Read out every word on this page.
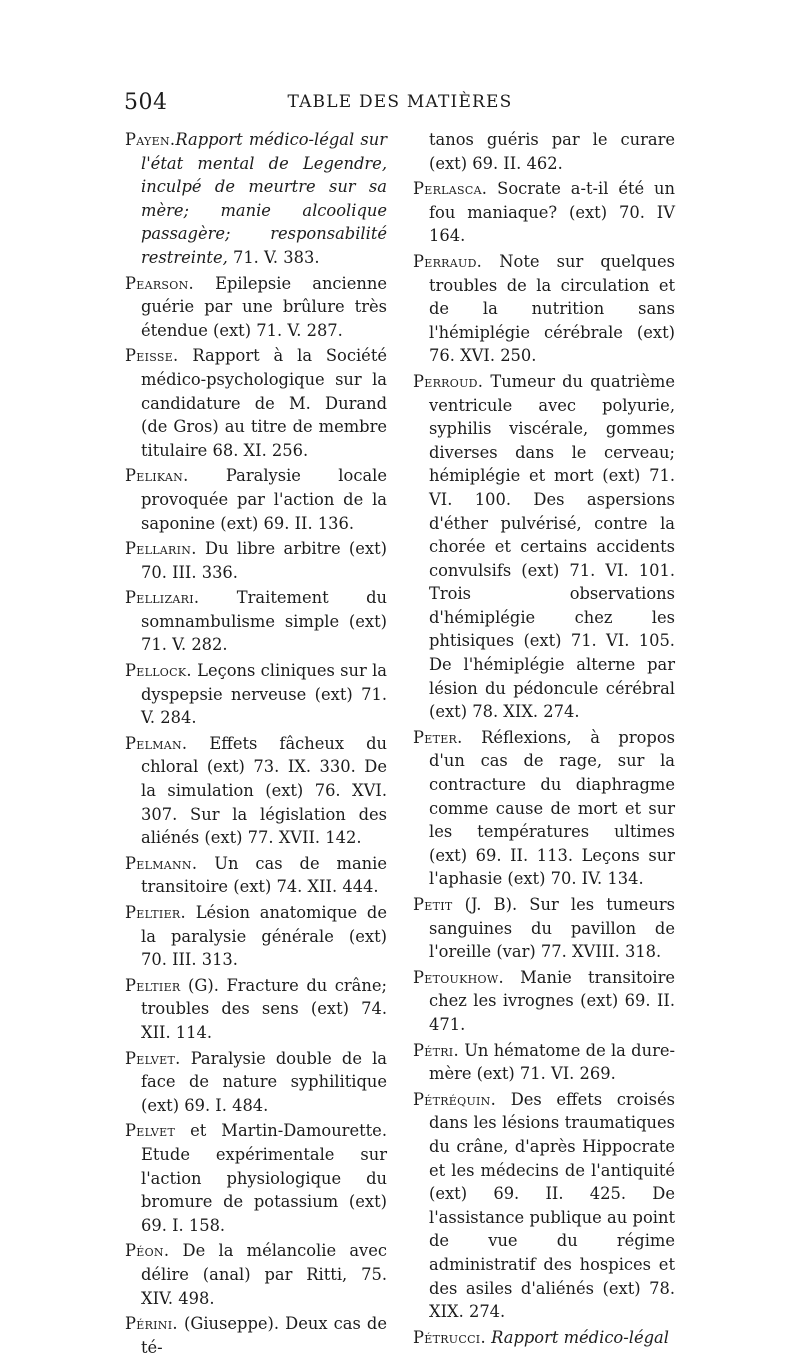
504	TABLE DES MATIÈRES

Payen.Rapport médico-légal sur l'état mental de Legendre, inculpé de meurtre sur sa mère; manie alcoolique passagère; responsabilité restreinte, 71. V. 383.

Pearson. Epilepsie ancienne guérie par une brûlure très étendue (ext) 71. V. 287.

Peisse. Rapport à la Société médico-psychologique sur la candidature de M. Durand (de Gros) au titre de membre titulaire 68. XI. 256.

Pelikan. Paralysie locale provoquée par l'action de la saponine (ext) 69. II. 136.

Pellarin. Du libre arbitre (ext) 70. III. 336.

Pellizari. Traitement du somnambulisme simple (ext) 71. V. 282.

Pellock. Leçons cliniques sur la dyspepsie nerveuse (ext) 71. V. 284.

Pelman. Effets fâcheux du chloral (ext) 73. IX. 330. De la simulation (ext) 76. XVI. 307. Sur la législation des aliénés (ext) 77. XVII. 142.

Pelmann. Un cas de manie transitoire (ext) 74. XII. 444.

Peltier. Lésion anatomique de la paralysie générale (ext) 70. III. 313.

Peltier (G). Fracture du crâne; troubles des sens (ext) 74. XII. 114.

Pelvet. Paralysie double de la face de nature syphilitique (ext) 69. I. 484.

Pelvet et Martin-Damourette. Etude expérimentale sur l'action physiologique du bromure de potassium (ext) 69. I. 158.

Péon. De la mélancolie avec délire (anal) par Ritti, 75. XIV. 498.

Périni. (Giuseppe). Deux cas de té-

tanos guéris par le curare (ext) 69. II. 462.

Perlasca. Socrate a-t-il été un fou maniaque? (ext) 70. IV 164.

Perraud. Note sur quelques troubles de la circulation et de la nutrition sans l'hémiplégie cérébrale (ext) 76. XVI. 250.

Perroud. Tumeur du quatrième ventricule avec polyurie, syphilis viscérale, gommes diverses dans le cerveau; hémiplégie et mort (ext) 71. VI. 100. Des aspersions d'éther pulvérisé, contre la chorée et certains accidents convulsifs (ext) 71. VI. 101. Trois observations d'hémiplégie chez les phtisiques (ext) 71. VI. 105. De l'hémiplégie alterne par lésion du pédoncule cérébral (ext) 78. XIX. 274.

Peter. Réflexions, à propos d'un cas de rage, sur la contracture du diaphragme comme cause de mort et sur les températures ultimes (ext) 69. II. 113. Leçons sur l'aphasie (ext) 70. IV. 134.

Petit (J. B). Sur les tumeurs sanguines du pavillon de l'oreille (var) 77. XVIII. 318.

Petoukhow. Manie transitoire chez les ivrognes (ext) 69. II. 471.

Pétri. Un hématome de la dure-mère (ext) 71. VI. 269.

Pétréquin. Des effets croisés dans les lésions traumatiques du crâne, d'après Hippocrate et les médecins de l'antiquité (ext) 69. II. 425. De l'assistance publique au point de vue du régime administratif des hospices et des asiles d'aliénés (ext) 78. XIX. 274.

Pétrucci. Rapport médico-légal
